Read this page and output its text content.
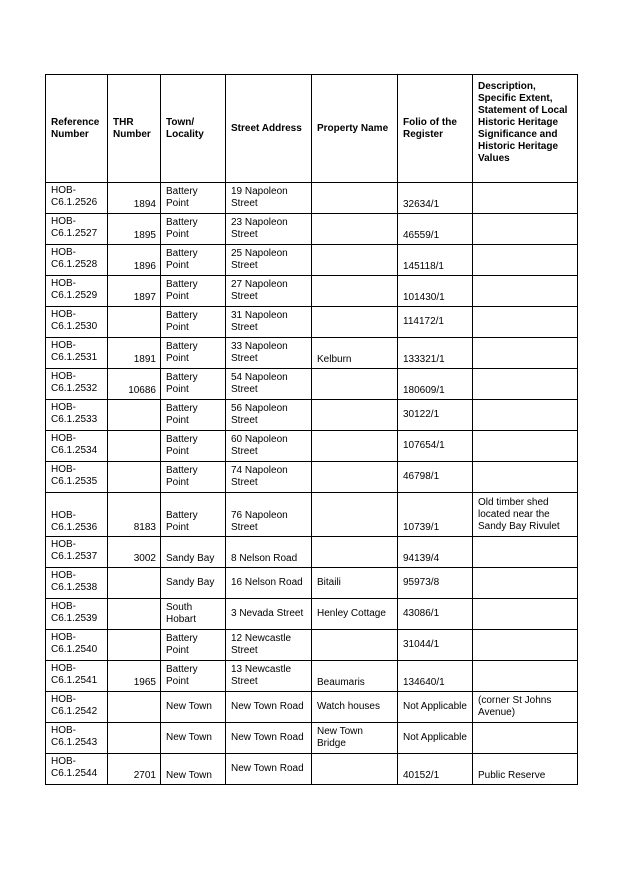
Reference Number	THR Number	Town/ Locality	Street Address	Property Name	Folio of the Register	Description, Specific Extent, Statement of Local Historic Heritage Significance and Historic Heritage Values
HOB-C6.1.2526	1894	Battery Point	19 Napoleon Street		32634/1	
HOB-C6.1.2527	1895	Battery Point	23 Napoleon Street		46559/1	
HOB-C6.1.2528	1896	Battery Point	25 Napoleon Street		145118/1	
HOB-C6.1.2529	1897	Battery Point	27 Napoleon Street		101430/1	
HOB-C6.1.2530		Battery Point	31 Napoleon Street		114172/1	
HOB-C6.1.2531	1891	Battery Point	33 Napoleon Street	Kelburn	133321/1	
HOB-C6.1.2532	10686	Battery Point	54 Napoleon Street		180609/1	
HOB-C6.1.2533		Battery Point	56 Napoleon Street		30122/1	
HOB-C6.1.2534		Battery Point	60 Napoleon Street		107654/1	
HOB-C6.1.2535		Battery Point	74 Napoleon Street		46798/1	
HOB-C6.1.2536	8183	Battery Point	76 Napoleon Street		10739/1	Old timber shed located near the Sandy Bay Rivulet
HOB-C6.1.2537	3002	Sandy Bay	8 Nelson Road		94139/4	
HOB-C6.1.2538		Sandy Bay	16 Nelson Road	Bitaili	95973/8	
HOB-C6.1.2539		South Hobart	3 Nevada Street	Henley Cottage	43086/1	
HOB-C6.1.2540		Battery Point	12 Newcastle Street		31044/1	
HOB-C6.1.2541	1965	Battery Point	13 Newcastle Street	Beaumaris	134640/1	
HOB-C6.1.2542		New Town	New Town Road	Watch houses	Not Applicable	(corner St Johns Avenue)
HOB-C6.1.2543		New Town	New Town Road	New Town Bridge	Not Applicable	
HOB-C6.1.2544	2701	New Town	New Town Road		40152/1	Public Reserve
